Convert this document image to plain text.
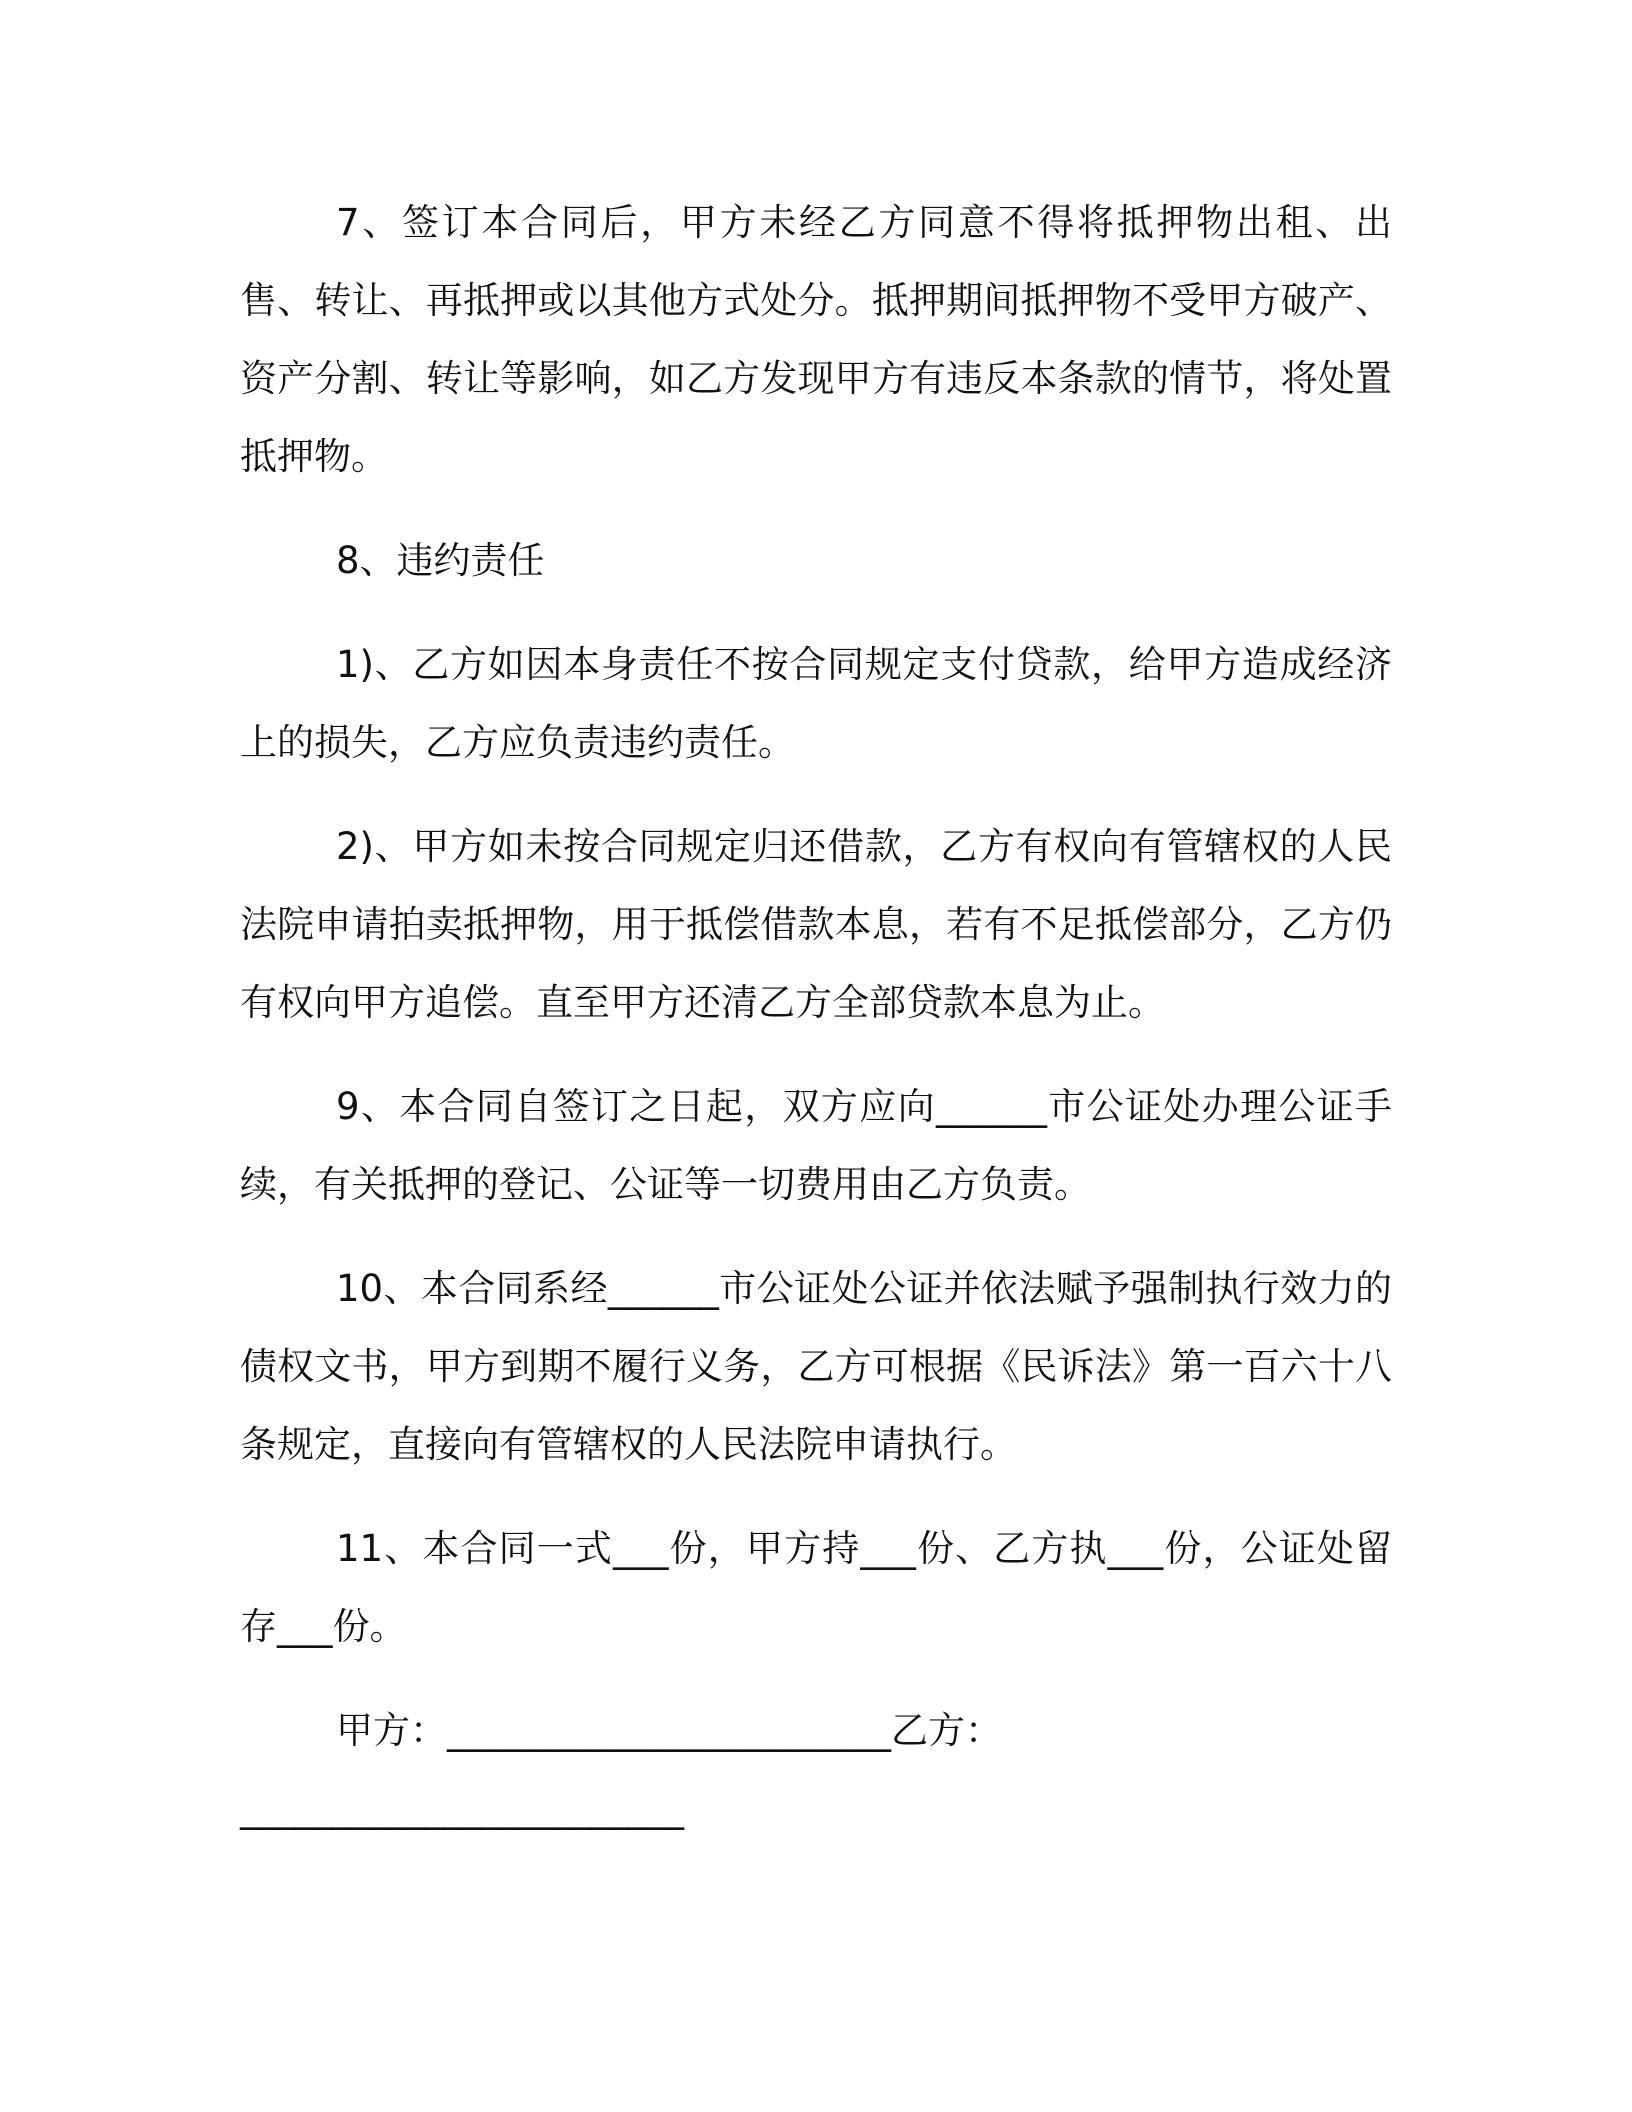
7、签订本合同后，甲方未经乙方同意不得将抵押物出租、出售、转让、再抵押或以其他方式处分。抵押期间抵押物不受甲方破产、资产分割、转让等影响，如乙方发现甲方有违反本条款的情节，将处置抵押物。

8、违约责任

1)、乙方如因本身责任不按合同规定支付贷款，给甲方造成经济上的损失，乙方应负责违约责任。

2)、甲方如未按合同规定归还借款，乙方有权向有管辖权的人民法院申请拍卖抵押物，用于抵偿借款本息，若有不足抵偿部分，乙方仍有权向甲方追偿。直至甲方还清乙方全部贷款本息为止。

9、本合同自签订之日起，双方应向______市公证处办理公证手续，有关抵押的登记、公证等一切费用由乙方负责。

10、本合同系经______市公证处公证并依法赋予强制执行效力的债权文书，甲方到期不履行义务，乙方可根据《民诉法》第一百六十八条规定，直接向有管辖权的人民法院申请执行。

11、本合同一式___份，甲方持___份、乙方执___份，公证处留存___份。

甲方：________________________乙方：

________________________
